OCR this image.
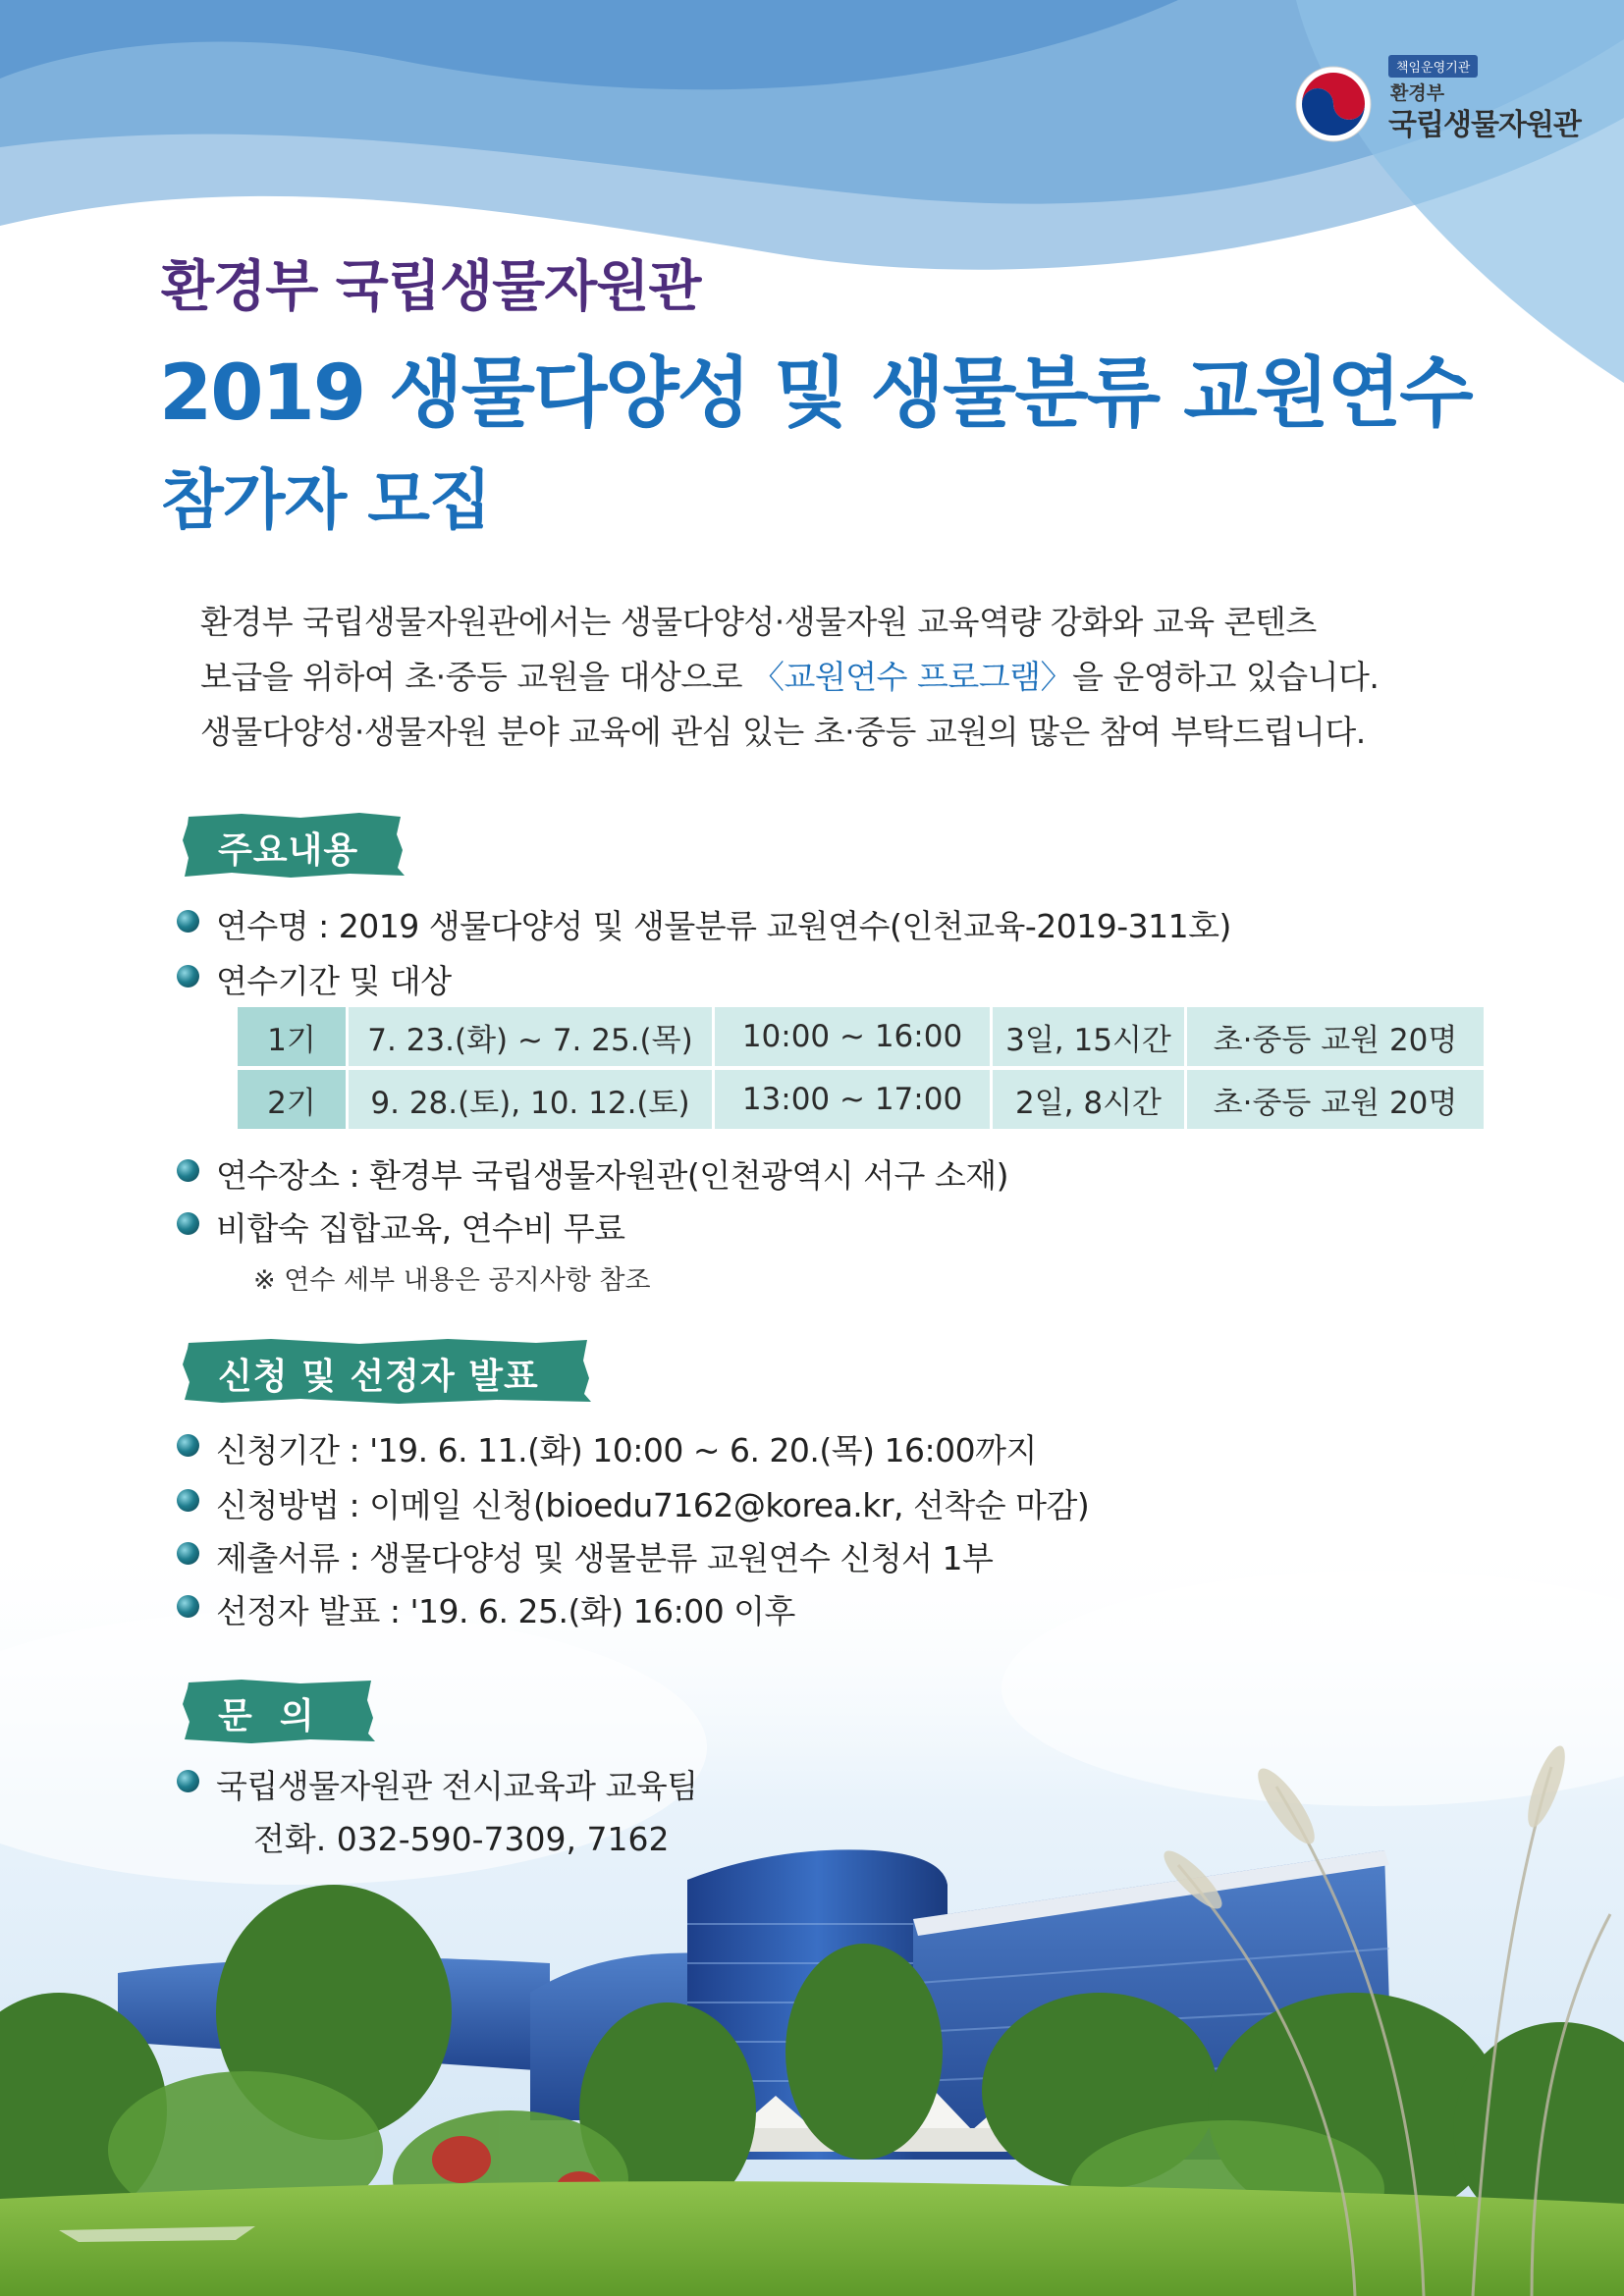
책임운영기관
환경부
국립생물자원관
환경부 국립생물자원관
2019 생물다양성 및 생물분류 교원연수
참가자 모집
환경부 국립생물자원관에서는 생물다양성·생물자원 교육역량 강화와 교육 콘텐츠
보급을 위하여 초·중등 교원을 대상으로 〈교원연수 프로그램〉을 운영하고 있습니다.
생물다양성·생물자원 분야 교육에 관심 있는 초·중등 교원의 많은 참여 부탁드립니다.
주요내용
연수명 : 2019 생물다양성 및 생물분류 교원연수(인천교육-2019-311호)
연수기간 및 대상
1기	7. 23.(화) ~ 7. 25.(목)	10:00 ~ 16:00	3일, 15시간	초·중등 교원 20명
2기	9. 28.(토), 10. 12.(토)	13:00 ~ 17:00	2일, 8시간	초·중등 교원 20명
연수장소 : 환경부 국립생물자원관(인천광역시 서구 소재)
비합숙 집합교육, 연수비 무료
※ 연수 세부 내용은 공지사항 참조
신청 및 선정자 발표
신청기간 : '19. 6. 11.(화) 10:00 ~ 6. 20.(목) 16:00까지
신청방법 : 이메일 신청(bioedu7162@korea.kr, 선착순 마감)
제출서류 : 생물다양성 및 생물분류 교원연수 신청서 1부
선정자 발표 : '19. 6. 25.(화) 16:00 이후
문  의
국립생물자원관 전시교육과 교육팀
전화. 032-590-7309, 7162
